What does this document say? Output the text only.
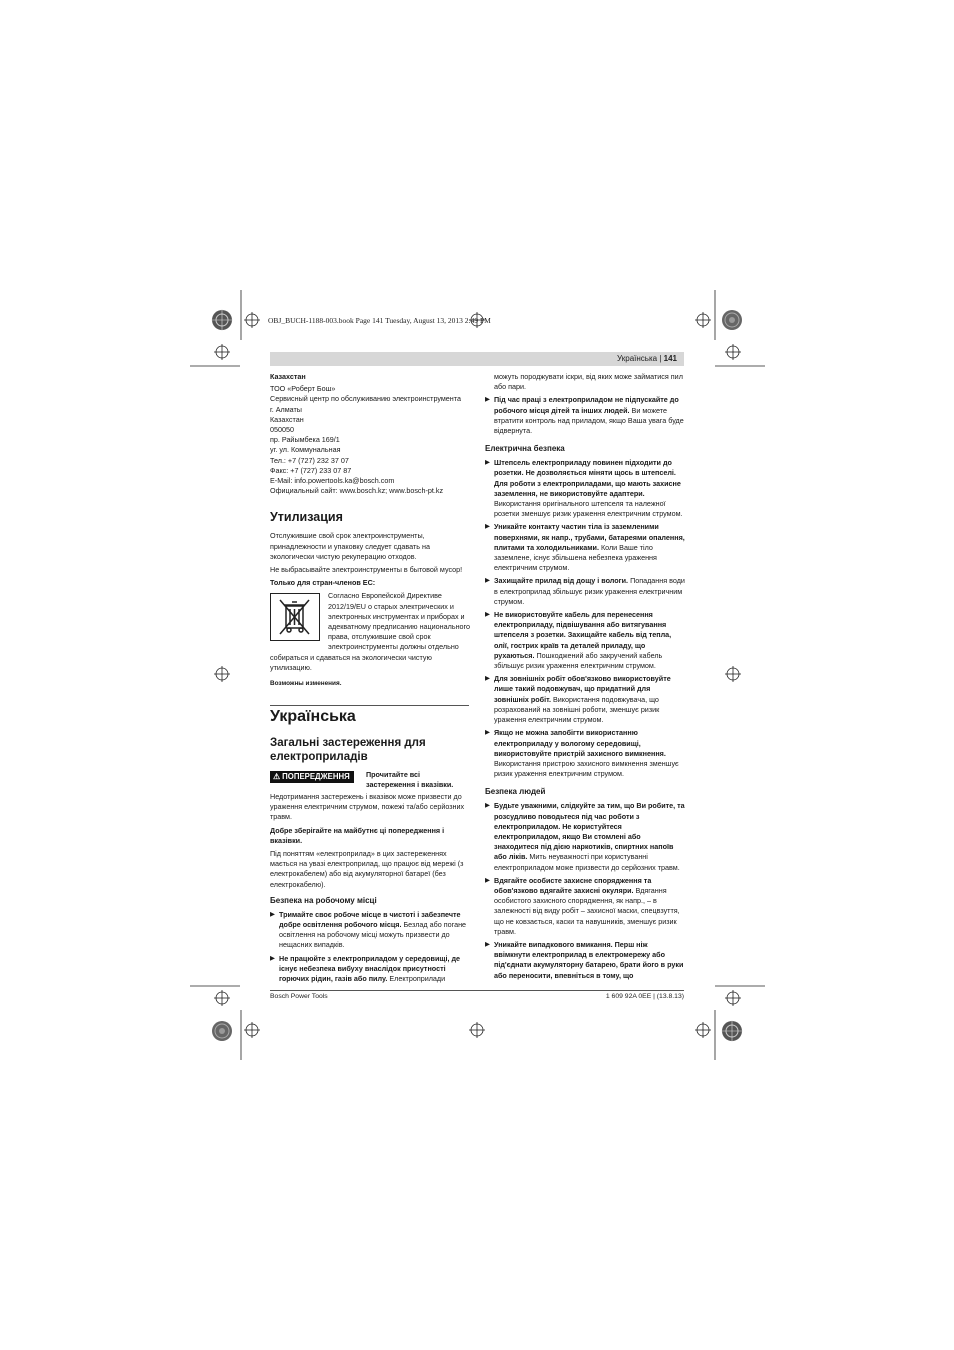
OBJ_BUCH-1188-003.book Page 141 Tuesday, August 13, 2013 2:49 PM
Українська | 141
Казахстан
ТОО «Роберт Бош»
Сервисный центр по обслуживанию электроинструмента
г. Алматы
Казахстан
050050
пр. Райымбека 169/1
уг. ул. Коммунальная
Тел.: +7 (727) 232 37 07
Факс: +7 (727) 233 07 87
E-Mail: info.powertools.ka@bosch.com
Официальный сайт: www.bosch.kz; www.bosch-pt.kz
Утилизация

Отслужившие свой срок электроинструменты, принадлежности и упаковку следует сдавать на экологически чистую рекуперацию отходов.

Не выбрасывайте электроинструменты в бытовой мусор!

Только для стран-членов ЕС:

Согласно Европейской Директиве 2012/19/EU о старых электрических и электронных инструментах и приборах и адекватному предписанию национального права, отслужившие свой срок электроинструменты должны отдельно собираться и сдаваться на экологически чистую утилизацию.

Возможны изменения.

Українська
Загальні застереження для електроприладів
⚠ ПОПЕРЕДЖЕННЯ	Прочитайте всі застереження і вказівки.

Недотримання застережень і вказівок може призвести до ураження електричним струмом, пожежі та/або серйозних травм.

Добре зберігайте на майбутнє ці попередження і вказівки.

Під поняттям «електроприлад» в цих застереженнях мається на увазі електроприлад, що працює від мережі (з електрокабелем) або від акумуляторної батареї (без електрокабелю).

Безпека на робочому місці
▶ Тримайте своє робоче місце в чистоті і забезпечте добре освітлення робочого місця. Безлад або погане освітлення на робочому місці можуть призвести до нещасних випадків.
▶ Не працюйте з електроприладом у середовищі, де існує небезпека вибуху внаслідок присутності горючих рідин, газів або пилу. Електроприлади

можуть породжувати іскри, від яких може займатися пил або пари.

▶ Під час праці з електроприладом не підпускайте до робочого місця дітей та інших людей. Ви можете втратити контроль над приладом, якщо Ваша увага буде відвернута.
Електрична безпека
▶ Штепсель електроприладу повинен підходити до розетки. Не дозволяється міняти щось в штепселі. Для роботи з електроприладами, що мають захисне заземлення, не використовуйте адаптери. Використання оригінального штепселя та належної розетки зменшує ризик ураження електричним струмом.
▶ Уникайте контакту частин тіла із заземленими поверхнями, як напр., трубами, батареями опалення, плитами та холодильниками. Коли Ваше тіло заземлене, існує збільшена небезпека ураження електричним струмом.
▶ Захищайте прилад від дощу і вологи. Попадання води в електроприлад збільшує ризик ураження електричним струмом.
▶ Не використовуйте кабель для перенесення електроприладу, підвішування або витягування штепселя з розетки. Захищайте кабель від тепла, олії, гострих країв та деталей приладу, що рухаються. Пошкоджений або закручений кабель збільшує ризик ураження електричним струмом.
▶ Для зовнішніх робіт обов'язково використовуйте лише такий подовжувач, що придатний для зовнішніх робіт. Використання подовжувача, що розрахований на зовнішні роботи, зменшує ризик ураження електричним струмом.
▶ Якщо не можна запобігти використанню електроприладу у вологому середовищі, використовуйте пристрій захисного вимкнення. Використання пристрою захисного вимкнення зменшує ризик ураження електричним струмом.
Безпека людей
▶ Будьте уважними, слідкуйте за тим, що Ви робите, та розсудливо поводьтеся під час роботи з електроприладом. Не користуйтеся електроприладом, якщо Ви стомлені або знаходитеся під дією наркотиків, спиртних напоїв або ліків. Мить неуважності при користуванні електроприладом може призвести до серйозних травм.
▶ Вдягайте особисте захисне спорядження та обов'язково вдягайте захисні окуляри. Вдягання особистого захисного спорядження, як напр., – в залежності від виду робіт – захисної маски, спецвзуття, що не ковзається, каски та навушників, зменшує ризик травм.
▶ Уникайте випадкового вмикання. Перш ніж ввімкнути електроприлад в електромережу або під'єднати акумуляторну батарею, брати його в руки або переносити, впевніться в тому, що
Bosch Power Tools	1 609 92A 0EE | (13.8.13)
